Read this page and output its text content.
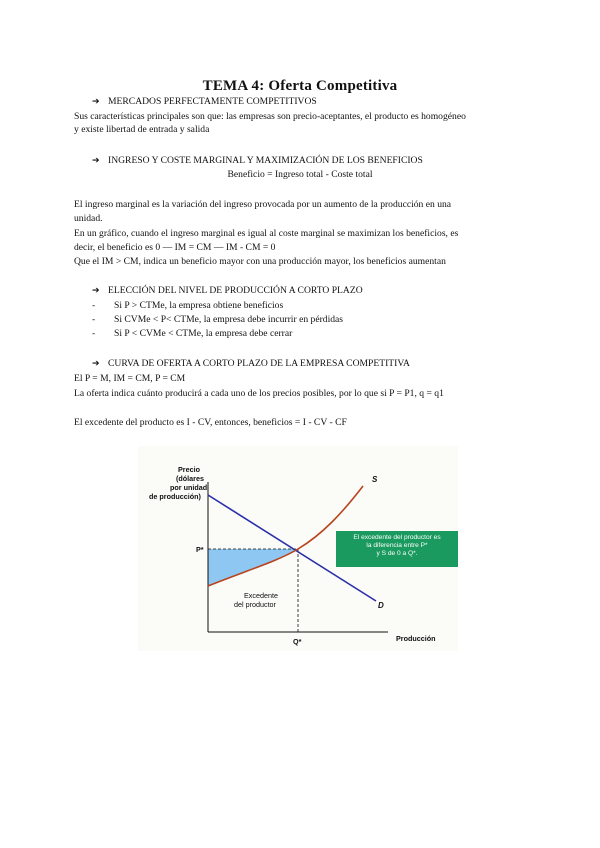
TEMA 4: Oferta Competitiva
➔ MERCADOS PERFECTAMENTE COMPETITIVOS
Sus características principales son que: las empresas son precio-aceptantes, el producto es homogéneo
y existe libertad de entrada y salida
➔ INGRESO Y COSTE MARGINAL Y MAXIMIZACIÓN DE LOS BENEFICIOS
Beneficio = Ingreso total - Coste total
El ingreso marginal es la variación del ingreso provocada por un aumento de la producción en una
unidad.
En un gráfico, cuando el ingreso marginal es igual al coste marginal se maximizan los beneficios, es
decir, el beneficio es 0 — IM = CM — IM - CM = 0
Que el IM > CM, indica un beneficio mayor con una producción mayor, los beneficios aumentan
➔ ELECCIÓN DEL NIVEL DE PRODUCCIÓN A CORTO PLAZO
- Si P > CTMe, la empresa obtiene beneficios
- Si CVMe < P< CTMe, la empresa debe incurrir en pérdidas
- Si P < CVMe < CTMe, la empresa debe cerrar
➔ CURVA DE OFERTA A CORTO PLAZO DE LA EMPRESA COMPETITIVA
El P = M, IM = CM, P = CM
La oferta indica cuánto producirá a cada uno de los precios posibles, por lo que si P = P1, q = q1
El excedente del producto es I - CV, entonces, beneficios = I - CV - CF
Precio
(dólares
por unidad
de producción)
P*
Q*	Producción
S
D
Excedente
del productor
El excedente del productor es
la diferencia entre P*
y S de 0 a Q*.
